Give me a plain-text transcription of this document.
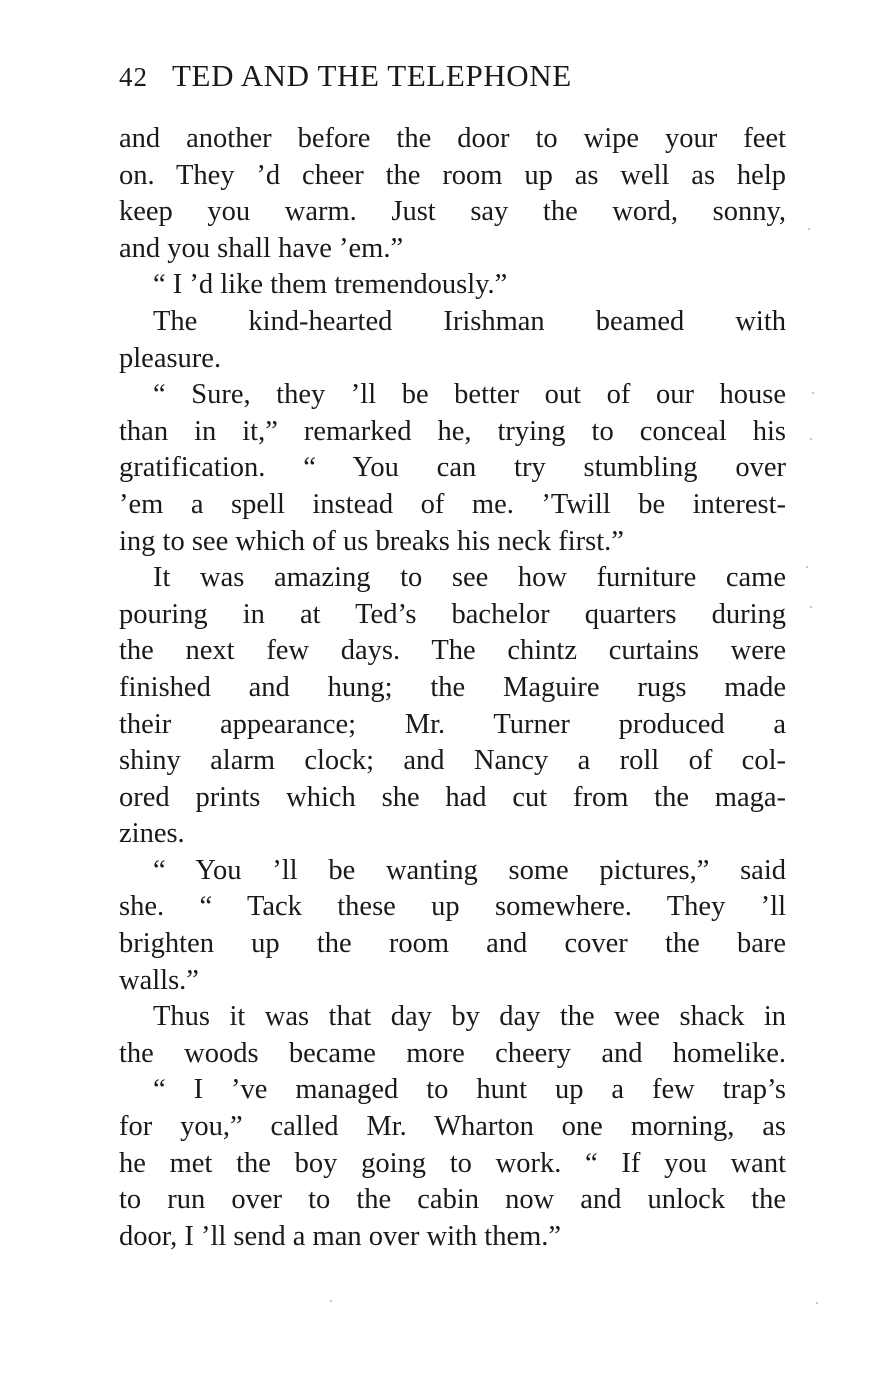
42 TED AND THE TELEPHONE
and another before the door to wipe your feet
on. They ’d cheer the room up as well as help
keep you warm. Just say the word, sonny,
and you shall have ’em.”
“ I ’d like them tremendously.”
The kind-hearted Irishman beamed with
pleasure.
“ Sure, they ’ll be better out of our house
than in it,” remarked he, trying to conceal his
gratification. “ You can try stumbling over
’em a spell instead of me. ’Twill be interest-
ing to see which of us breaks his neck first.”
It was amazing to see how furniture came
pouring in at Ted’s bachelor quarters during
the next few days. The chintz curtains were
finished and hung; the Maguire rugs made
their appearance; Mr. Turner produced a
shiny alarm clock; and Nancy a roll of col-
ored prints which she had cut from the maga-
zines.
“ You ’ll be wanting some pictures,” said
she. “ Tack these up somewhere. They ’ll
brighten up the room and cover the bare
walls.”
Thus it was that day by day the wee shack in
the woods became more cheery and homelike.
“ I ’ve managed to hunt up a few trap’s
for you,” called Mr. Wharton one morning, as
he met the boy going to work. “ If you want
to run over to the cabin now and unlock the
door, I ’ll send a man over with them.”
